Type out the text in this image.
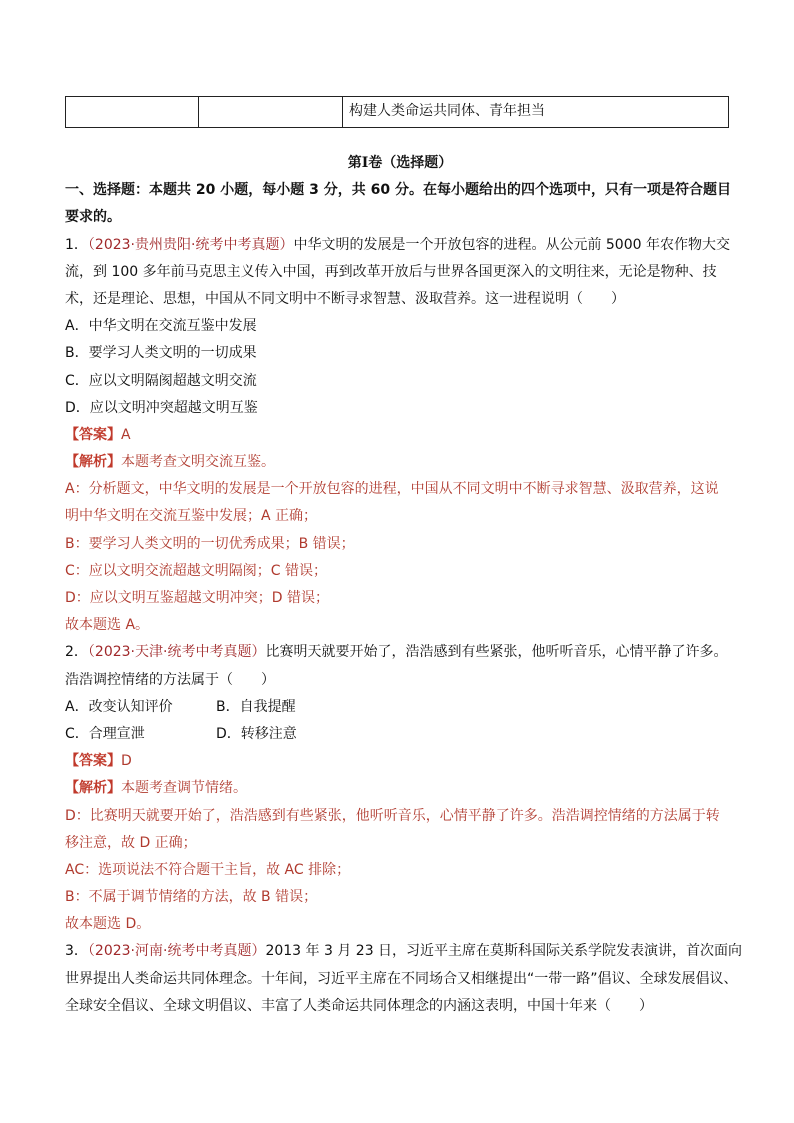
构建人类命运共同体、青年担当
第Ⅰ卷（选择题）
一、选择题：本题共 20 小题，每小题 3 分，共 60 分。在每小题给出的四个选项中，只有一项是符合题目
要求的。
1．（2023·贵州贵阳·统考中考真题）中华文明的发展是一个开放包容的进程。从公元前 5000 年农作物大交
流，到 100 多年前马克思主义传入中国，再到改革开放后与世界各国更深入的文明往来，无论是物种、技
术，还是理论、思想，中国从不同文明中不断寻求智慧、汲取营养。这一进程说明（　　）
A．中华文明在交流互鉴中发展
B．要学习人类文明的一切成果
C．应以文明隔阂超越文明交流
D．应以文明冲突超越文明互鉴
【答案】A
【解析】本题考查文明交流互鉴。
A：分析题文，中华文明的发展是一个开放包容的进程，中国从不同文明中不断寻求智慧、汲取营养，这说
明中华文明在交流互鉴中发展；A 正确；
B：要学习人类文明的一切优秀成果；B 错误；
C：应以文明交流超越文明隔阂；C 错误；
D：应以文明互鉴超越文明冲突；D 错误；
故本题选 A。
2．（2023·天津·统考中考真题）比赛明天就要开始了，浩浩感到有些紧张，他听听音乐，心情平静了许多。
浩浩调控情绪的方法属于（　　）
A．改变认知评价	B．自我提醒
C．合理宣泄	D．转移注意
【答案】D
【解析】本题考查调节情绪。
D：比赛明天就要开始了，浩浩感到有些紧张，他听听音乐，心情平静了许多。浩浩调控情绪的方法属于转
移注意，故 D 正确；
AC：选项说法不符合题干主旨，故 AC 排除；
B：不属于调节情绪的方法，故 B 错误；
故本题选 D。
3．（2023·河南·统考中考真题）2013 年 3 月 23 日，习近平主席在莫斯科国际关系学院发表演讲，首次面向
世界提出人类命运共同体理念。十年间，习近平主席在不同场合又相继提出“一带一路”倡议、全球发展倡议、
全球安全倡议、全球文明倡议、丰富了人类命运共同体理念的内涵这表明，中国十年来（　　）
